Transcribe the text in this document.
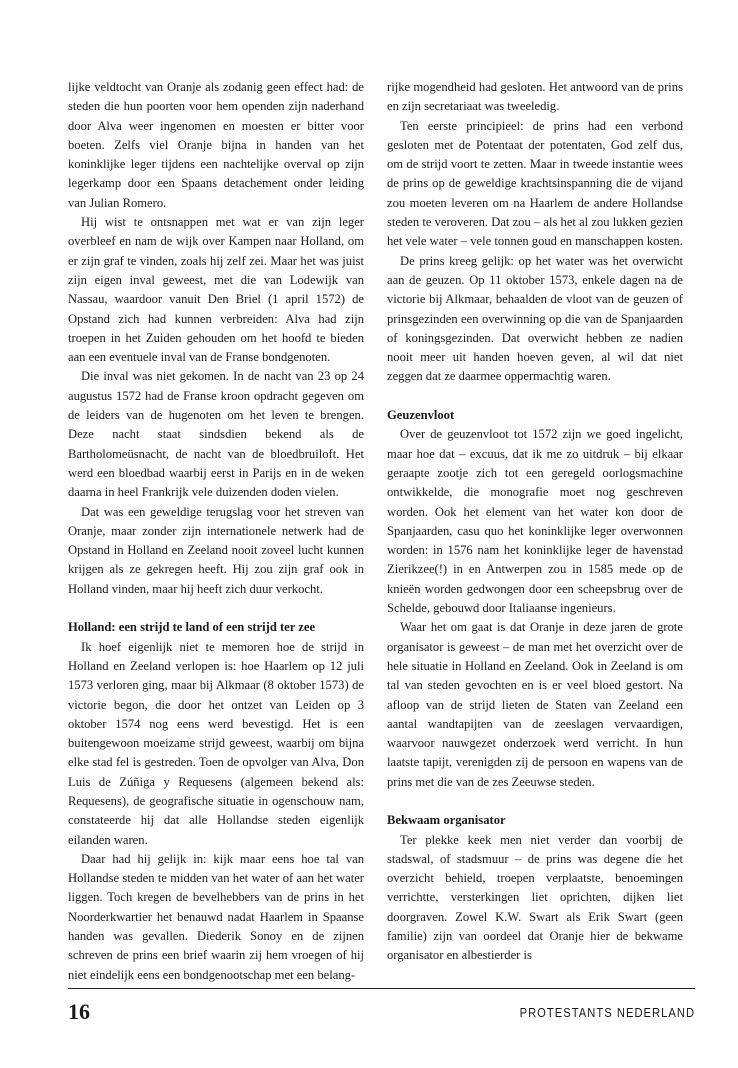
lijke veldtocht van Oranje als zodanig geen effect had: de steden die hun poorten voor hem openden zijn naderhand door Alva weer ingenomen en moesten er bitter voor boeten. Zelfs viel Oranje bijna in handen van het koninklijke leger tijdens een nachtelijke overval op zijn legerkamp door een Spaans detachement onder leiding van Julian Romero.

Hij wist te ontsnappen met wat er van zijn leger overbleef en nam de wijk over Kampen naar Holland, om er zijn graf te vinden, zoals hij zelf zei. Maar het was juist zijn eigen inval geweest, met die van Lodewijk van Nassau, waardoor vanuit Den Briel (1 april 1572) de Opstand zich had kunnen verbreiden: Alva had zijn troepen in het Zuiden gehouden om het hoofd te bieden aan een eventuele inval van de Franse bondgenoten.

Die inval was niet gekomen. In de nacht van 23 op 24 augustus 1572 had de Franse kroon opdracht gegeven om de leiders van de hugenoten om het leven te brengen. Deze nacht staat sindsdien bekend als de Bartholomeüsnacht, de nacht van de bloedbruiloft. Het werd een bloedbad waarbij eerst in Parijs en in de weken daarna in heel Frankrijk vele duizenden doden vielen.

Dat was een geweldige terugslag voor het streven van Oranje, maar zonder zijn internationele netwerk had de Opstand in Holland en Zeeland nooit zoveel lucht kunnen krijgen als ze gekregen heeft. Hij zou zijn graf ook in Holland vinden, maar hij heeft zich duur verkocht.

Holland: een strijd te land of een strijd ter zee

Ik hoef eigenlijk niet te memoren hoe de strijd in Holland en Zeeland verlopen is: hoe Haarlem op 12 juli 1573 verloren ging, maar bij Alkmaar (8 oktober 1573) de victorie begon, die door het ontzet van Leiden op 3 oktober 1574 nog eens werd bevestigd. Het is een buitengewoon moeizame strijd geweest, waarbij om bijna elke stad fel is gestreden. Toen de opvolger van Alva, Don Luis de Zúñiga y Requesens (algemeen bekend als: Requesens), de geografische situatie in ogenschouw nam, constateerde hij dat alle Hollandse steden eigenlijk eilanden waren.

Daar had hij gelijk in: kijk maar eens hoe tal van Hollandse steden te midden van het water of aan het water liggen. Toch kregen de bevelhebbers van de prins in het Noorderkwartier het benauwd nadat Haarlem in Spaanse handen was gevallen. Diederik Sonoy en de zijnen schreven de prins een brief waarin zij hem vroegen of hij niet eindelijk eens een bondgenootschap met een belang-

rijke mogendheid had gesloten. Het antwoord van de prins en zijn secretariaat was tweeledig.

Ten eerste principieel: de prins had een verbond gesloten met de Potentaat der potentaten, God zelf dus, om de strijd voort te zetten. Maar in tweede instantie wees de prins op de geweldige krachtsinspanning die de vijand zou moeten leveren om na Haarlem de andere Hollandse steden te veroveren. Dat zou – als het al zou lukken gezien het vele water – vele tonnen goud en manschappen kosten.

De prins kreeg gelijk: op het water was het overwicht aan de geuzen. Op 11 oktober 1573, enkele dagen na de victorie bij Alkmaar, behaalden de vloot van de geuzen of prinsgezinden een overwinning op die van de Spanjaarden of koningsgezinden. Dat overwicht hebben ze nadien nooit meer uit handen hoeven geven, al wil dat niet zeggen dat ze daarmee oppermachtig waren.

Geuzenvloot

Over de geuzenvloot tot 1572 zijn we goed ingelicht, maar hoe dat – excuus, dat ik me zo uitdruk – bij elkaar geraapte zootje zich tot een geregeld oorlogsmachine ontwikkelde, die monografie moet nog geschreven worden. Ook het element van het water kon door de Spanjaarden, casu quo het koninklijke leger overwonnen worden: in 1576 nam het koninklijke leger de havenstad Zierikzee(!) in en Antwerpen zou in 1585 mede op de knieën worden gedwongen door een scheepsbrug over de Schelde, gebouwd door Italiaanse ingenieurs.

Waar het om gaat is dat Oranje in deze jaren de grote organisator is geweest – de man met het overzicht over de hele situatie in Holland en Zeeland. Ook in Zeeland is om tal van steden gevochten en is er veel bloed gestort. Na afloop van de strijd lieten de Staten van Zeeland een aantal wandtapijten van de zeeslagen vervaardigen, waarvoor nauwgezet onderzoek werd verricht. In hun laatste tapijt, verenigden zij de persoon en wapens van de prins met die van de zes Zeeuwse steden.

Bekwaam organisator

Ter plekke keek men niet verder dan voorbij de stadswal, of stadsmuur – de prins was degene die het overzicht behield, troepen verplaatste, benoemingen verrichtte, versterkingen liet oprichten, dijken liet doorgraven. Zowel K.W. Swart als Erik Swart (geen familie) zijn van oordeel dat Oranje hier de bekwame organisator en albestierder is

16	PROTESTANTS NEDERLAND
